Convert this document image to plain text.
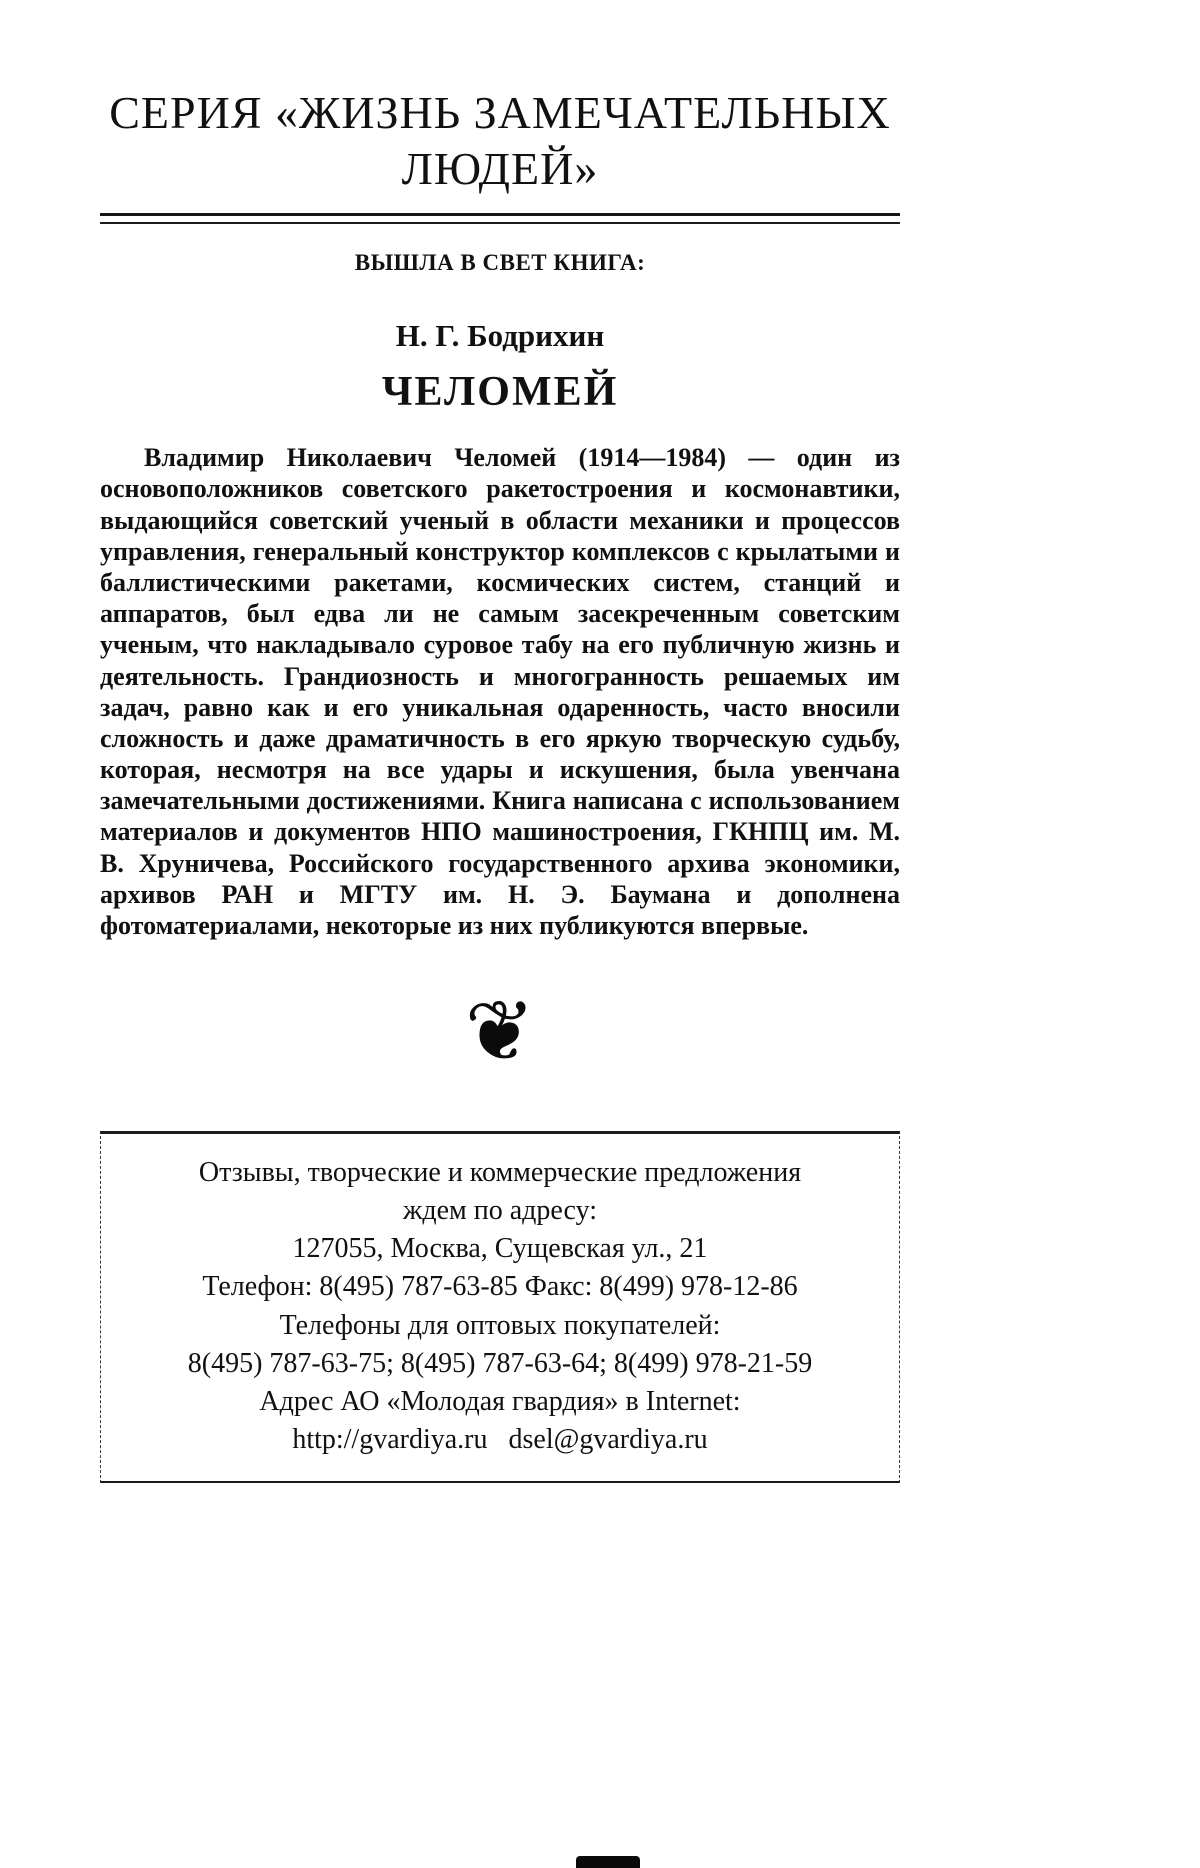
СЕРИЯ «ЖИЗНЬ ЗАМЕЧАТЕЛЬНЫХ
ЛЮДЕЙ»
ВЫШЛА В СВЕТ КНИГА:
Н. Г. Бодрихин
ЧЕЛОМЕЙ
Владимир Николаевич Челомей (1914—1984) — один из основоположников советского ракетостроения и космонавтики, выдающийся советский ученый в области механики и процессов управления, генеральный конструктор комплексов с крылатыми и баллистическими ракетами, космических систем, станций и аппаратов, был едва ли не самым засекреченным советским ученым, что накладывало суровое табу на его публичную жизнь и деятельность. Грандиозность и многогранность решаемых им задач, равно как и его уникальная одаренность, часто вносили сложность и даже драматичность в его яркую творческую судьбу, которая, несмотря на все удары и искушения, была увенчана замечательными достижениями. Книга написана с использованием материалов и документов НПО машиностроения, ГКНПЦ им. М. В. Хруничева, Российского государственного архива экономики, архивов РАН и МГТУ им. Н. Э. Баумана и дополнена фотоматериалами, некоторые из них публикуются впервые.
❦
Отзывы, творческие и коммерческие предложения
ждем по адресу:
127055, Москва, Сущевская ул., 21
Телефон: 8(495) 787-63-85 Факс: 8(499) 978-12-86
Телефоны для оптовых покупателей:
8(495) 787-63-75; 8(495) 787-63-64; 8(499) 978-21-59
Адрес АО «Молодая гвардия» в Internet:
http://gvardiya.ru   dsel@gvardiya.ru
